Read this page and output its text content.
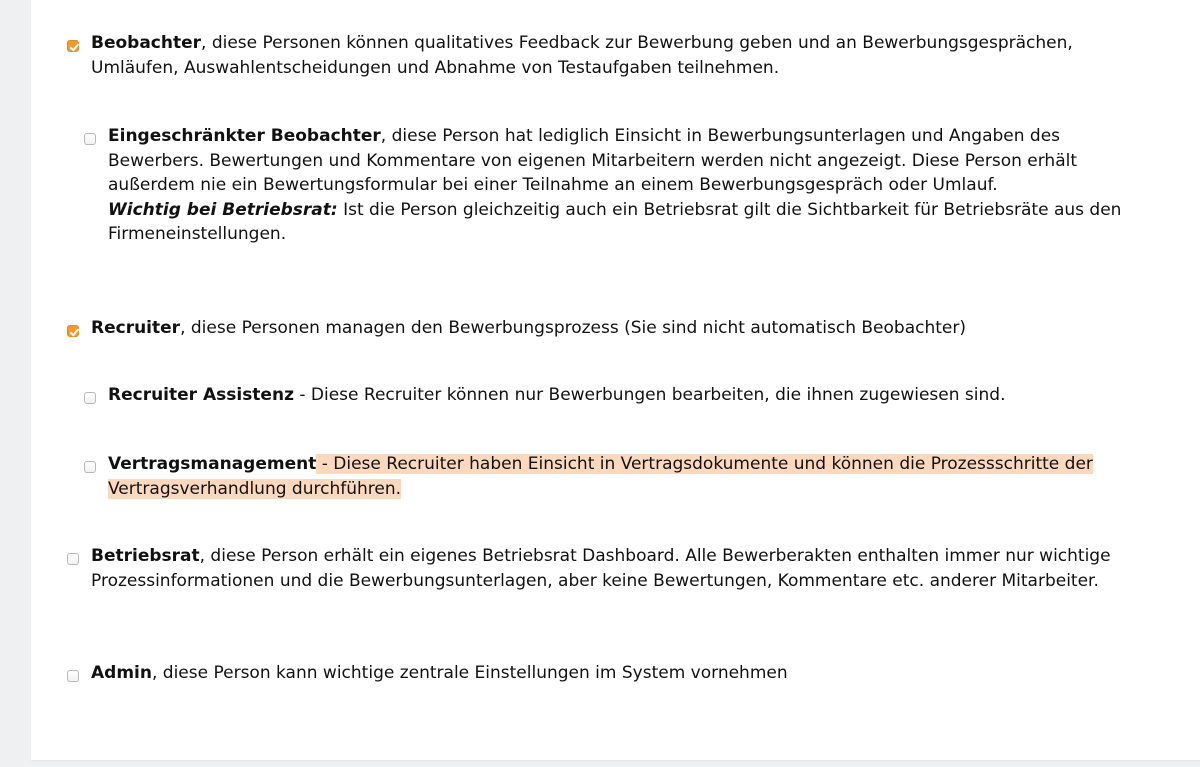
Beobachter, diese Personen können qualitatives Feedback zur Bewerbung geben und an Bewerbungsgesprächen, Umläufen, Auswahlentscheidungen und Abnahme von Testaufgaben teilnehmen.
Eingeschränkter Beobachter, diese Person hat lediglich Einsicht in Bewerbungsunterlagen und Angaben des Bewerbers. Bewertungen und Kommentare von eigenen Mitarbeitern werden nicht angezeigt. Diese Person erhält außerdem nie ein Bewertungsformular bei einer Teilnahme an einem Bewerbungsgespräch oder Umlauf.
Wichtig bei Betriebsrat: Ist die Person gleichzeitig auch ein Betriebsrat gilt die Sichtbarkeit für Betriebsräte aus den Firmeneinstellungen.
Recruiter, diese Personen managen den Bewerbungsprozess (Sie sind nicht automatisch Beobachter)
Recruiter Assistenz - Diese Recruiter können nur Bewerbungen bearbeiten, die ihnen zugewiesen sind.
Vertragsmanagement - Diese Recruiter haben Einsicht in Vertragsdokumente und können die Prozessschritte der Vertragsverhandlung durchführen.
Betriebsrat, diese Person erhält ein eigenes Betriebsrat Dashboard. Alle Bewerberakten enthalten immer nur wichtige Prozessinformationen und die Bewerbungsunterlagen, aber keine Bewertungen, Kommentare etc. anderer Mitarbeiter.
Admin, diese Person kann wichtige zentrale Einstellungen im System vornehmen
